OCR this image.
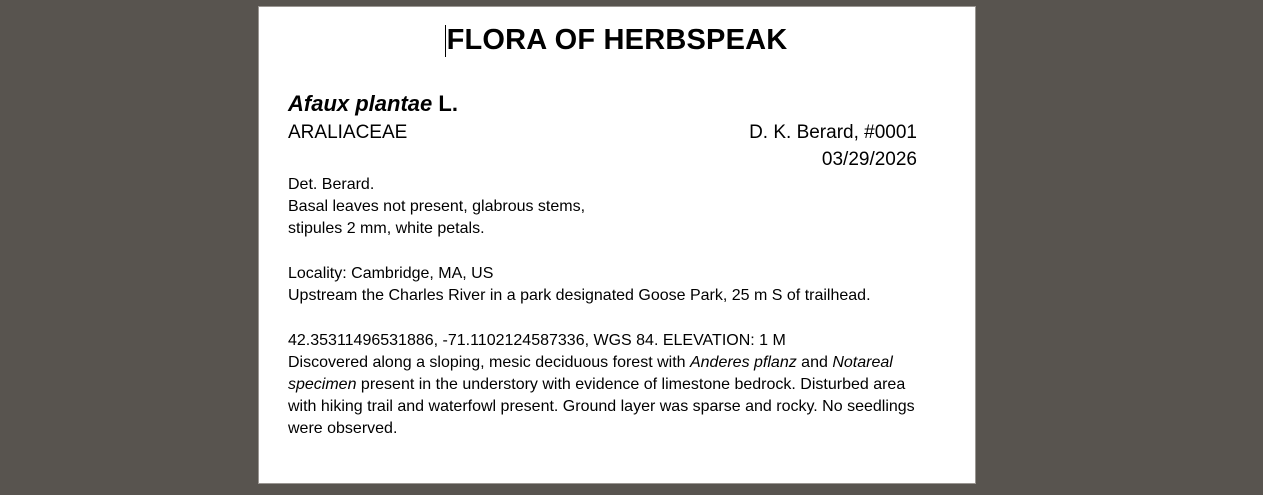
FLORA OF HERBSPEAK
Afaux plantae L.
ARALIACEAE	D. K. Berard, #0001
03/29/2026
Det. Berard.
Basal leaves not present, glabrous stems,
stipules 2 mm, white petals.
Locality: Cambridge, MA, US
Upstream the Charles River in a park designated Goose Park, 25 m S of trailhead.
42.35311496531886, -71.1102124587336, WGS 84. ELEVATION: 1 M
Discovered along a sloping, mesic deciduous forest with Anderes pflanz and Notareal specimen present in the understory with evidence of limestone bedrock. Disturbed area with hiking trail and waterfowl present. Ground layer was sparse and rocky. No seedlings were observed.
